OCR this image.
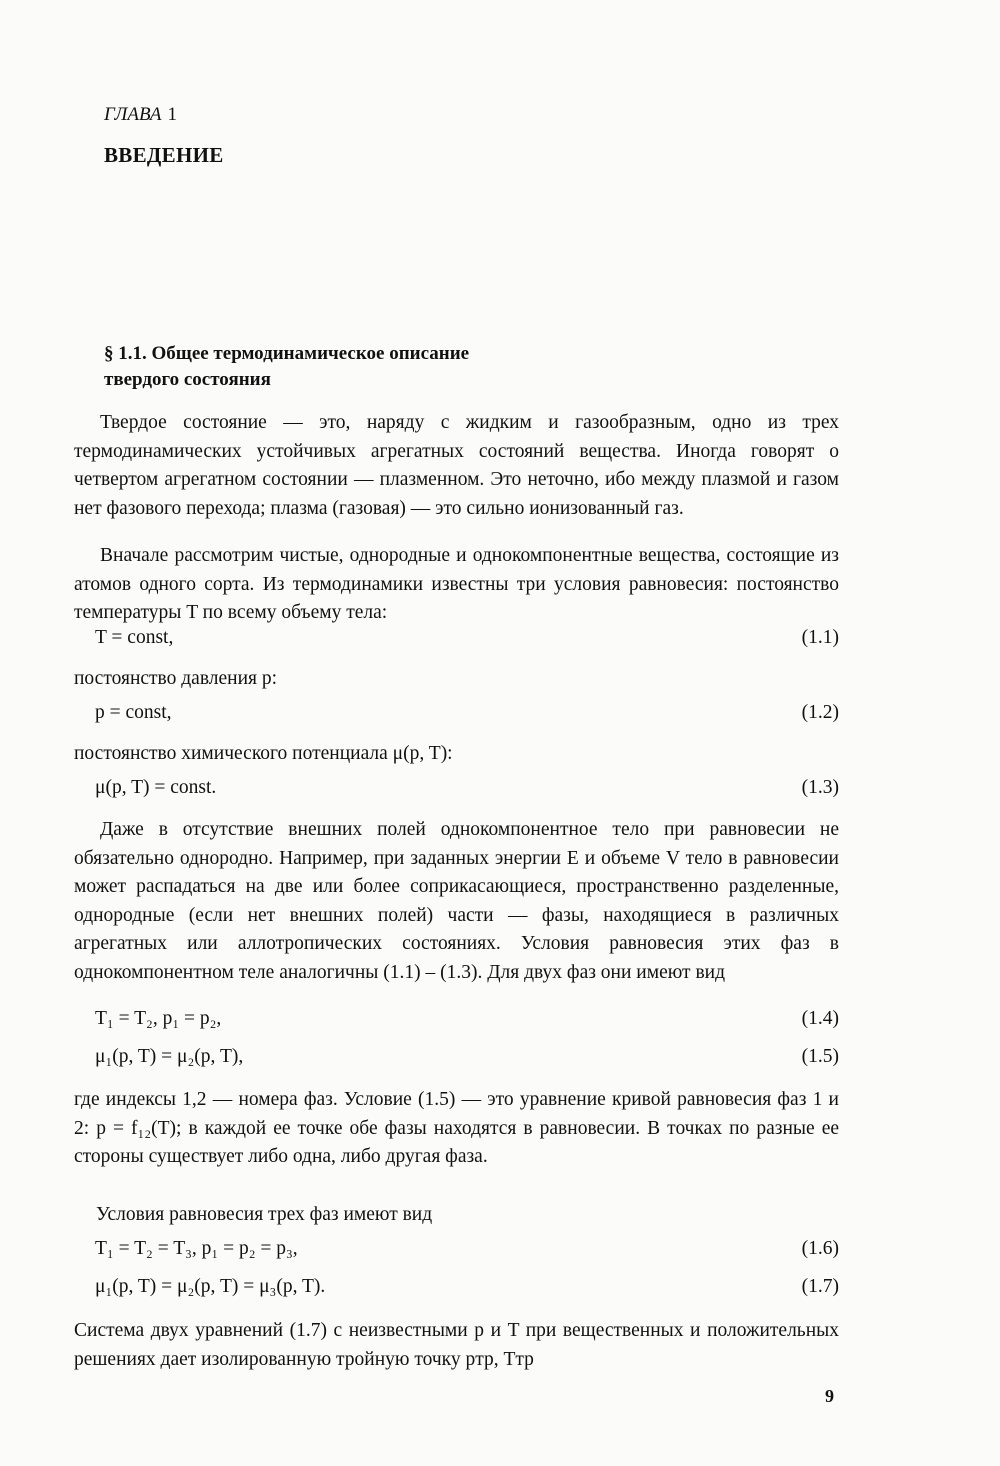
ГЛАВА 1
ВВЕДЕНИЕ
§ 1.1. Общее термодинамическое описание
твердого состояния

Твердое состояние — это, наряду с жидким и газообразным, одно из трех термодинамических устойчивых агрегатных состояний вещества. Иногда говорят о четвертом агрегатном состоянии — плазменном. Это неточно, ибо между плазмой и газом нет фазового перехода; плазма (газовая) — это сильно ионизованный газ.

Вначале рассмотрим чистые, однородные и однокомпонентные вещества, состоящие из атомов одного сорта. Из термодинамики известны три условия равновесия: постоянство температуры T по всему объему тела:

T = const,	(1.1)
постоянство давления p:
p = const,	(1.2)
постоянство химического потенциала μ(p, T):
μ(p, T) = const.	(1.3)

Даже в отсутствие внешних полей однокомпонентное тело при равновесии не обязательно однородно. Например, при заданных энергии E и объеме V тело в равновесии может распадаться на две или более соприкасающиеся, пространственно разделенные, однородные (если нет внешних полей) части — фазы, находящиеся в различных агрегатных или аллотропических состояниях. Условия равновесия этих фаз в однокомпонентном теле аналогичны (1.1) – (1.3). Для двух фаз они имеют вид

T₁ = T₂, p₁ = p₂,	(1.4)
μ₁(p, T) = μ₂(p, T),	(1.5)

где индексы 1,2 — номера фаз. Условие (1.5) — это уравнение кривой равновесия фаз 1 и 2: p = f₁₂(T); в каждой ее точке обе фазы находятся в равновесии. В точках по разные ее стороны существует либо одна, либо другая фаза.

Условия равновесия трех фаз имеют вид
T₁ = T₂ = T₃, p₁ = p₂ = p₃,	(1.6)
μ₁(p, T) = μ₂(p, T) = μ₃(p, T).	(1.7)

Система двух уравнений (1.7) с неизвестными p и T при вещественных и положительных решениях дает изолированную тройную точку pтр, Tтр

9
